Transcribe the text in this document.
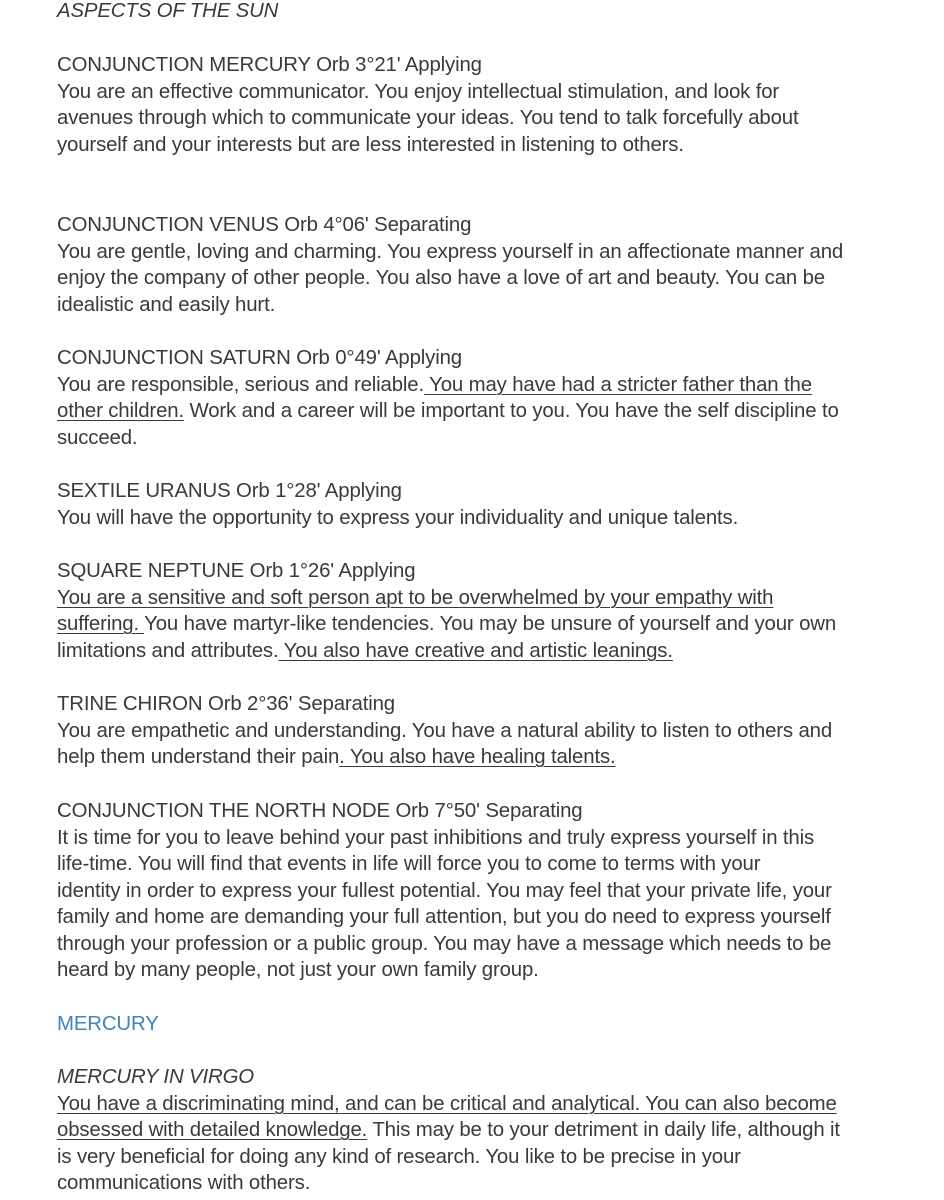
ASPECTS OF THE SUN

CONJUNCTION MERCURY Orb 3°21' Applying

You are an effective communicator. You enjoy intellectual stimulation, and look for

avenues through which to communicate your ideas. You tend to talk forcefully about

yourself and your interests but are less interested in listening to others.

CONJUNCTION VENUS Orb 4°06' Separating

You are gentle, loving and charming. You express yourself in an affectionate manner and

enjoy the company of other people. You also have a love of art and beauty. You can be

idealistic and easily hurt.

CONJUNCTION SATURN Orb 0°49' Applying

You are responsible, serious and reliable. You may have had a stricter father than the

other children. Work and a career will be important to you. You have the self discipline to

succeed.

SEXTILE URANUS Orb 1°28' Applying

You will have the opportunity to express your individuality and unique talents.

SQUARE NEPTUNE Orb 1°26' Applying

You are a sensitive and soft person apt to be overwhelmed by your empathy with

suffering. You have martyr-like tendencies. You may be unsure of yourself and your own

limitations and attributes. You also have creative and artistic leanings.

TRINE CHIRON Orb 2°36' Separating

You are empathetic and understanding. You have a natural ability to listen to others and

help them understand their pain. You also have healing talents.

CONJUNCTION THE NORTH NODE Orb 7°50' Separating

It is time for you to leave behind your past inhibitions and truly express yourself in this

life-time. You will find that events in life will force you to come to terms with your

identity in order to express your fullest potential. You may feel that your private life, your

family and home are demanding your full attention, but you do need to express yourself

through your profession or a public group. You may have a message which needs to be

heard by many people, not just your own family group.

MERCURY

MERCURY IN VIRGO

You have a discriminating mind, and can be critical and analytical. You can also become

obsessed with detailed knowledge. This may be to your detriment in daily life, although it

is very beneficial for doing any kind of research. You like to be precise in your

communications with others.
